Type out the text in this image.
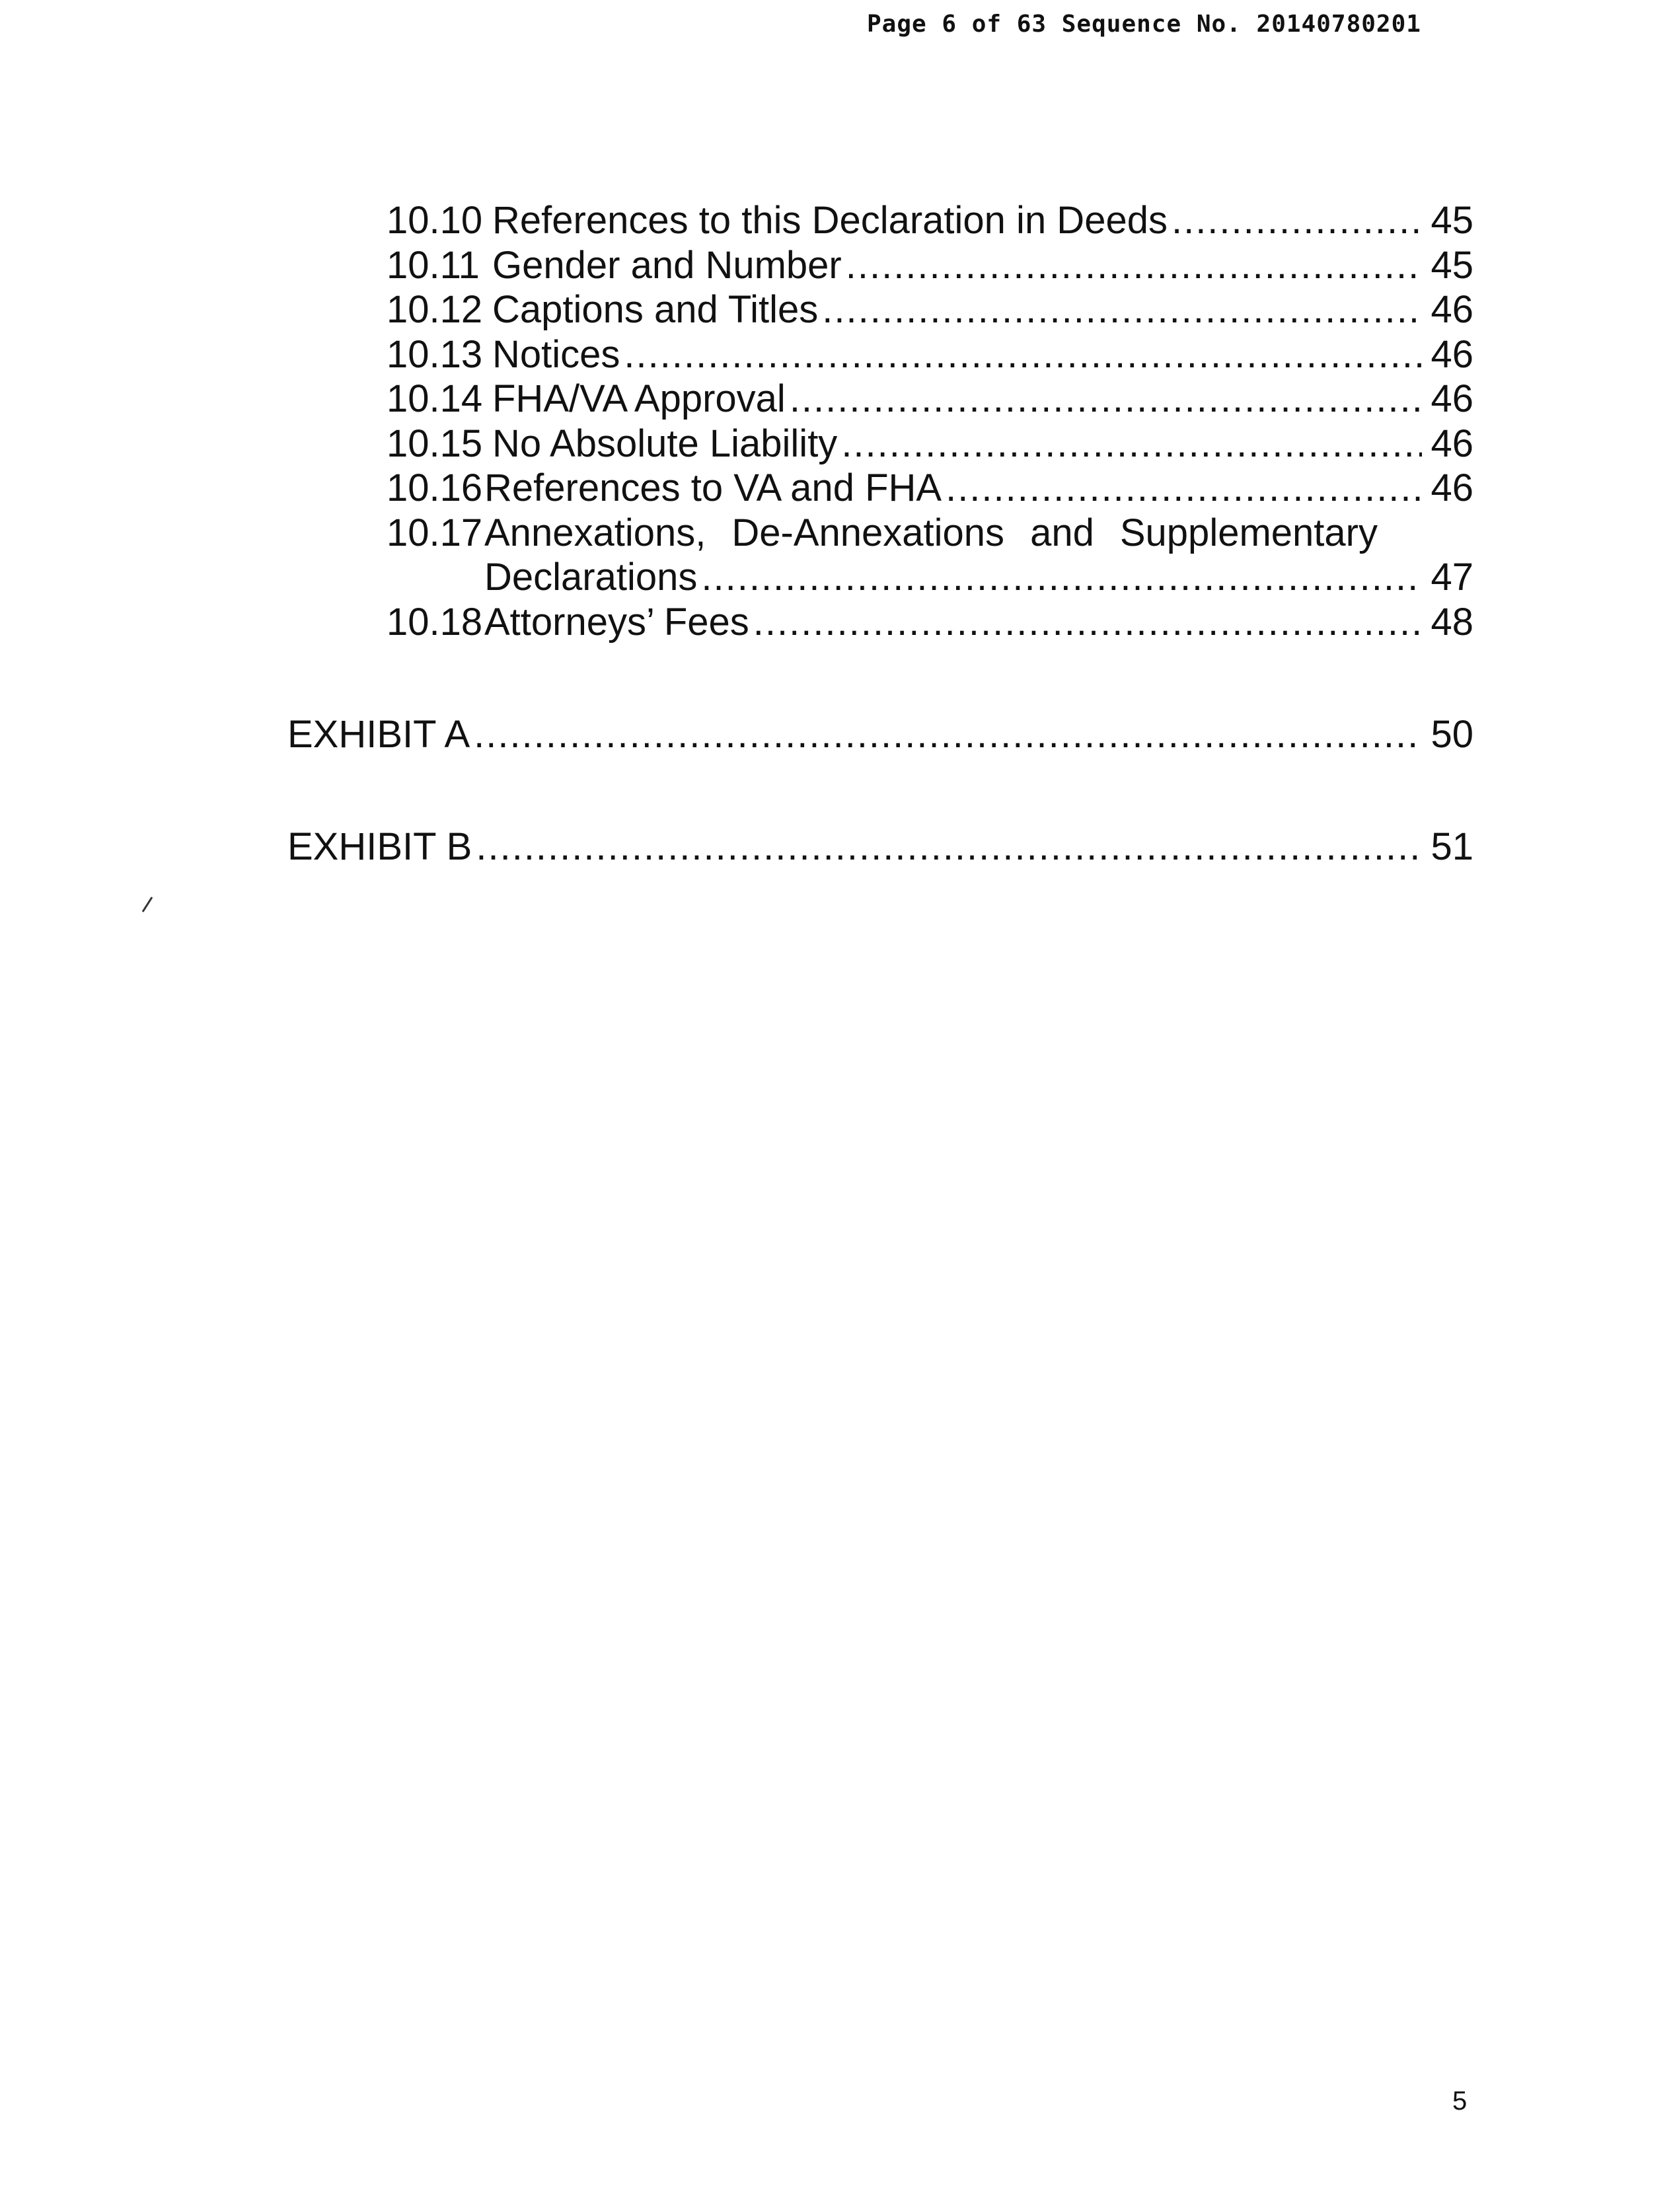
Page 6 of 63 Sequence No. 20140780201
10.10 References to this Declaration in Deeds .....	45
10.11 Gender and Number .....	45
10.12 Captions and Titles .....	46
10.13 Notices .....	46
10.14 FHA/VA Approval .....	46
10.15 No Absolute Liability .....	46
10.16 References to VA and FHA .....	46
10.17 Annexations, De-Annexations and Supplementary
Declarations .....	47
10.18 Attorneys’ Fees .....	48
EXHIBIT A .....	50
EXHIBIT B .....	51
5
